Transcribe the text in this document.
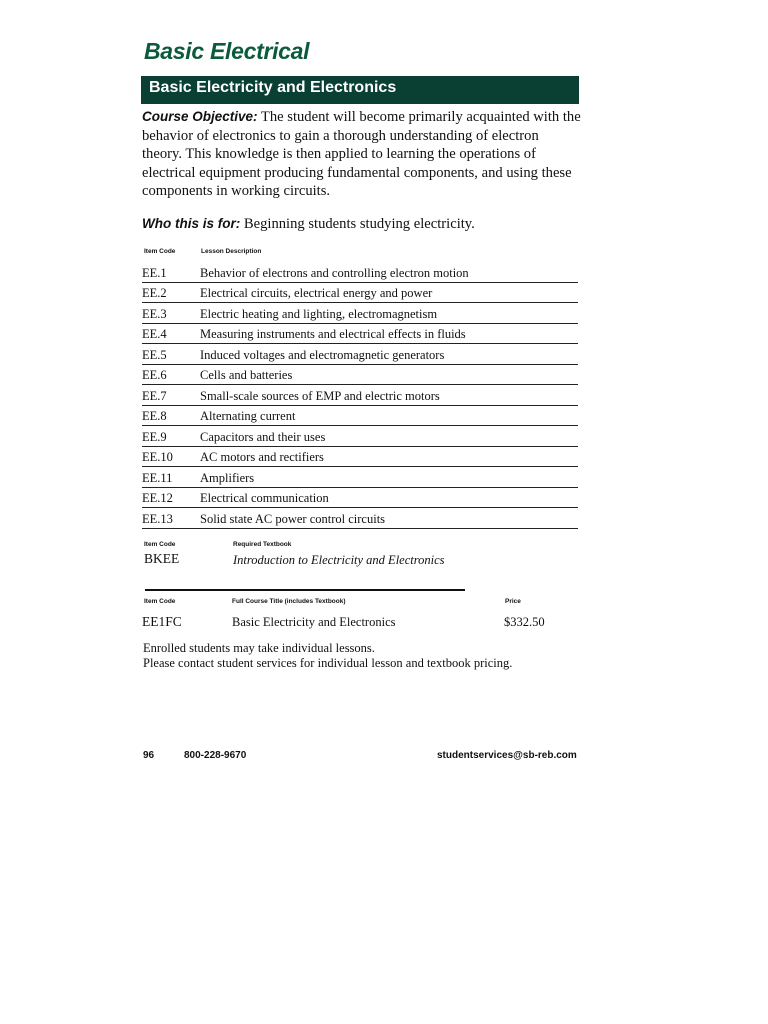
Basic Electrical
Basic Electricity and Electronics
Course Objective: The student will become primarily acquainted with the behavior of electronics to gain a thorough understanding of electron theory. This knowledge is then applied to learning the operations of electrical equipment producing fundamental components, and using these components in working circuits.
Who this is for: Beginning students studying electricity.
Item Code	Lesson Description
EE.1	Behavior of electrons and controlling electron motion
EE.2	Electrical circuits, electrical energy and power
EE.3	Electric heating and lighting, electromagnetism
EE.4	Measuring instruments and electrical effects in fluids
EE.5	Induced voltages and electromagnetic generators
EE.6	Cells and batteries
EE.7	Small-scale sources of EMP and electric motors
EE.8	Alternating current
EE.9	Capacitors and their uses
EE.10	AC motors and rectifiers
EE.11	Amplifiers
EE.12	Electrical communication
EE.13	Solid state AC power control circuits
Item Code	Required Textbook
BKEE	Introduction to Electricity and Electronics
Item Code	Full Course Title (includes Textbook)	Price
EE1FC	Basic Electricity and Electronics	$332.50
Enrolled students may take individual lessons.
Please contact student services for individual lesson and textbook pricing.
96	800-228-9670	studentservices@sb-reb.com
